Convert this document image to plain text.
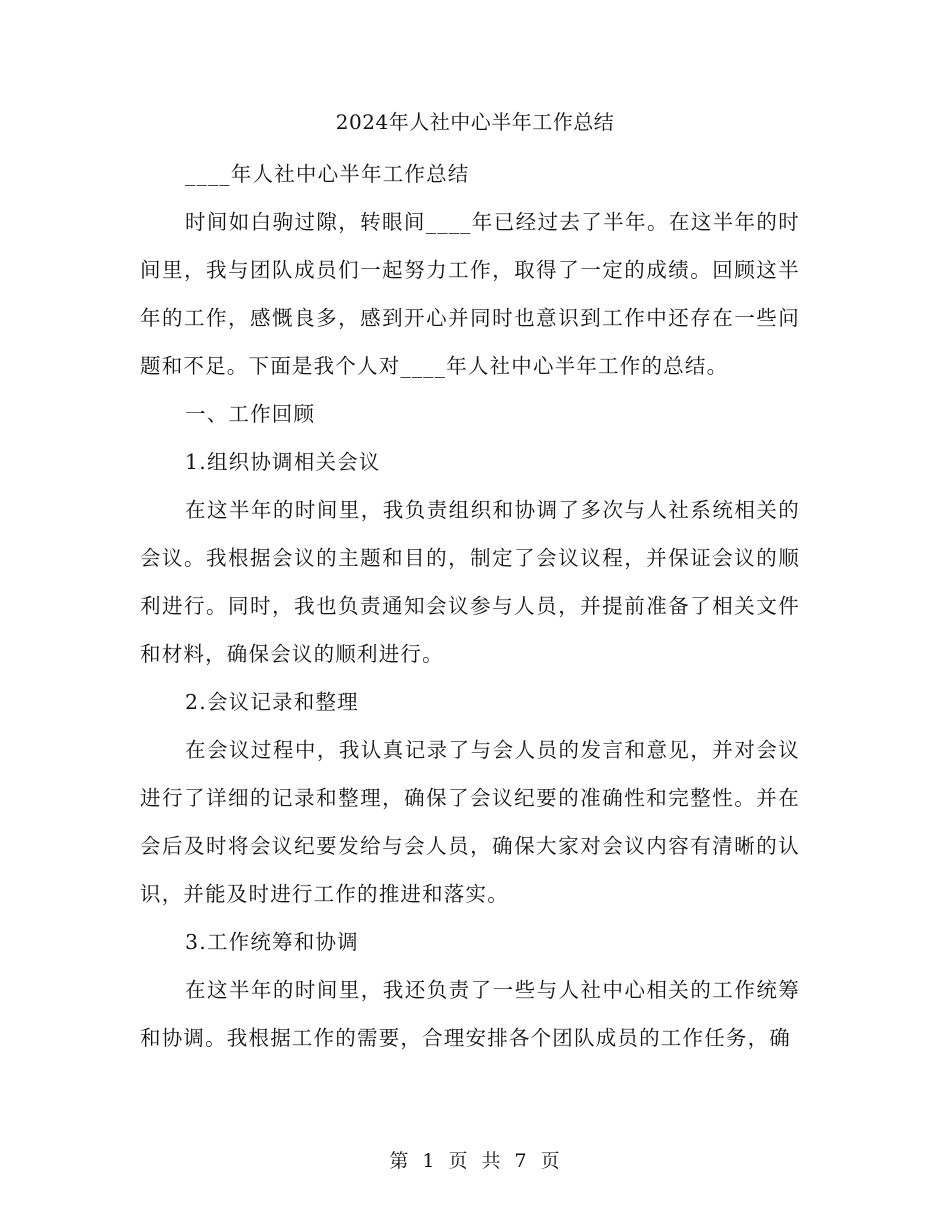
2024年人社中心半年工作总结

____年人社中心半年工作总结

时间如白驹过隙，转眼间____年已经过去了半年。在这半年的时间里，我与团队成员们一起努力工作，取得了一定的成绩。回顾这半年的工作，感慨良多，感到开心并同时也意识到工作中还存在一些问题和不足。下面是我个人对____年人社中心半年工作的总结。

一、工作回顾

1.组织协调相关会议

在这半年的时间里，我负责组织和协调了多次与人社系统相关的会议。我根据会议的主题和目的，制定了会议议程，并保证会议的顺利进行。同时，我也负责通知会议参与人员，并提前准备了相关文件和材料，确保会议的顺利进行。

2.会议记录和整理

在会议过程中，我认真记录了与会人员的发言和意见，并对会议进行了详细的记录和整理，确保了会议纪要的准确性和完整性。并在会后及时将会议纪要发给与会人员，确保大家对会议内容有清晰的认识，并能及时进行工作的推进和落实。

3.工作统筹和协调

在这半年的时间里，我还负责了一些与人社中心相关的工作统筹和协调。我根据工作的需要，合理安排各个团队成员的工作任务，确

第 1 页 共 7 页
